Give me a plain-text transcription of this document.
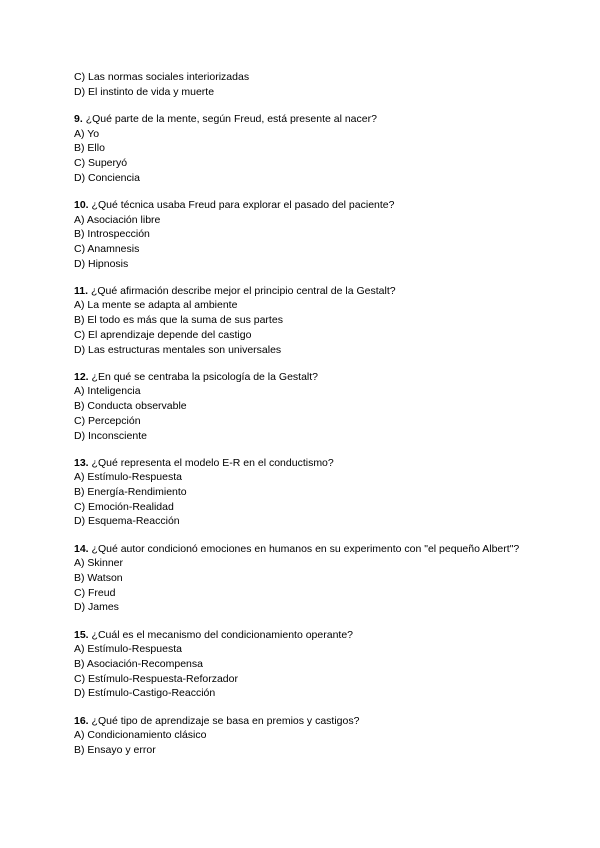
C) Las normas sociales interiorizadas
D) El instinto de vida y muerte
9. ¿Qué parte de la mente, según Freud, está presente al nacer?
A) Yo
B) Ello
C) Superyó
D) Conciencia
10. ¿Qué técnica usaba Freud para explorar el pasado del paciente?
A) Asociación libre
B) Introspección
C) Anamnesis
D) Hipnosis
11. ¿Qué afirmación describe mejor el principio central de la Gestalt?
A) La mente se adapta al ambiente
B) El todo es más que la suma de sus partes
C) El aprendizaje depende del castigo
D) Las estructuras mentales son universales
12. ¿En qué se centraba la psicología de la Gestalt?
A) Inteligencia
B) Conducta observable
C) Percepción
D) Inconsciente
13. ¿Qué representa el modelo E-R en el conductismo?
A) Estímulo-Respuesta
B) Energía-Rendimiento
C) Emoción-Realidad
D) Esquema-Reacción
14. ¿Qué autor condicionó emociones en humanos en su experimento con "el pequeño Albert"?
A) Skinner
B) Watson
C) Freud
D) James
15. ¿Cuál es el mecanismo del condicionamiento operante?
A) Estímulo-Respuesta
B) Asociación-Recompensa
C) Estímulo-Respuesta-Reforzador
D) Estímulo-Castigo-Reacción
16. ¿Qué tipo de aprendizaje se basa en premios y castigos?
A) Condicionamiento clásico
B) Ensayo y error
